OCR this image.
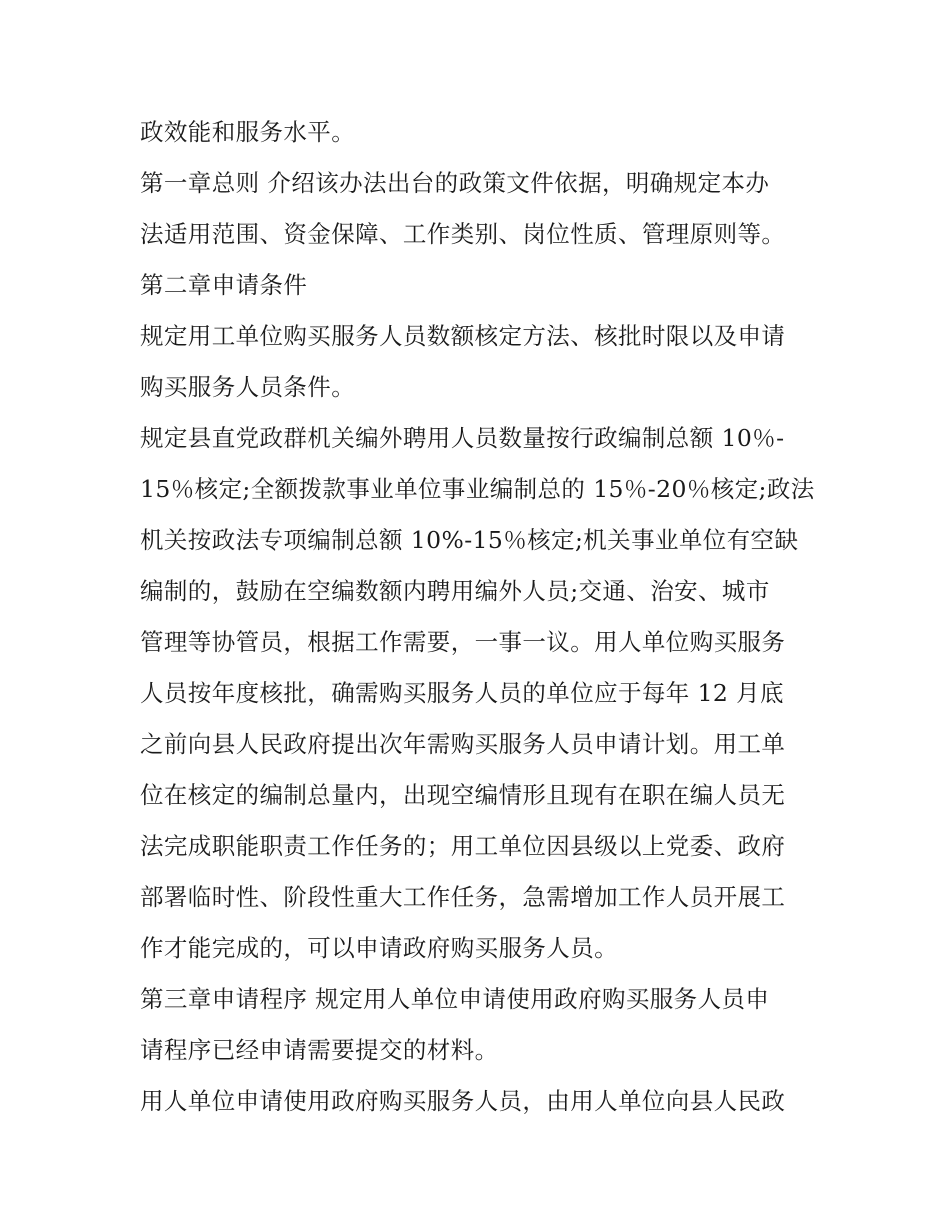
政效能和服务水平。
第一章总则 介绍该办法出台的政策文件依据，明确规定本办
法适用范围、资金保障、工作类别、岗位性质、管理原则等。
第二章申请条件
规定用工单位购买服务人员数额核定方法、核批时限以及申请
购买服务人员条件。
规定县直党政群机关编外聘用人员数量按行政编制总额 10％-
15％核定;全额拨款事业单位事业编制总的 15％-20％核定;政法
机关按政法专项编制总额 10%-15％核定;机关事业单位有空缺
编制的，鼓励在空编数额内聘用编外人员;交通、治安、城市
管理等协管员，根据工作需要，一事一议。用人单位购买服务
人员按年度核批，确需购买服务人员的单位应于每年 12 月底
之前向县人民政府提出次年需购买服务人员申请计划。用工单
位在核定的编制总量内，出现空编情形且现有在职在编人员无
法完成职能职责工作任务的；用工单位因县级以上党委、政府
部署临时性、阶段性重大工作任务，急需增加工作人员开展工
作才能完成的，可以申请政府购买服务人员。
第三章申请程序 规定用人单位申请使用政府购买服务人员申
请程序已经申请需要提交的材料。
用人单位申请使用政府购买服务人员，由用人单位向县人民政
